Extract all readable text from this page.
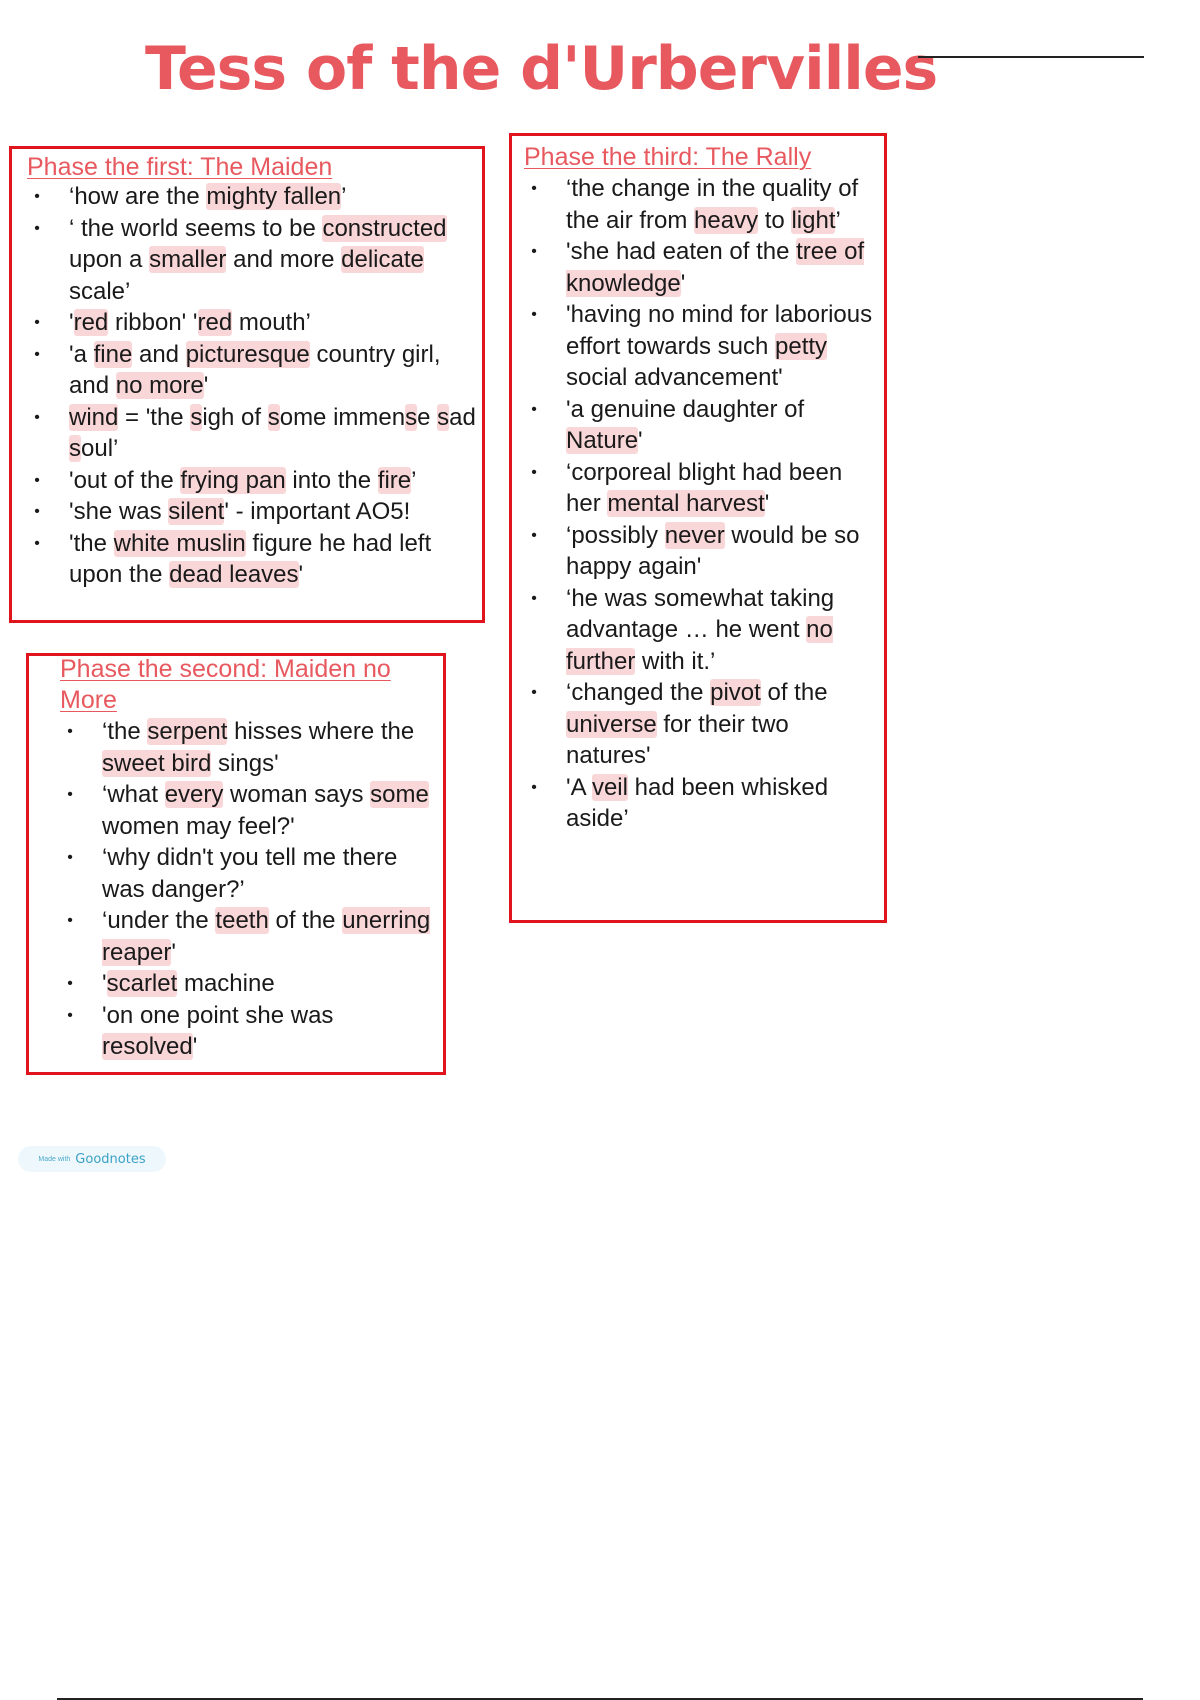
Tess of the d'Urbervilles
Phase the first: The Maiden
•	‘how are the mighty fallen’
•	‘ the world seems to be constructed upon a smaller and more delicate scale’
•	'red ribbon' 'red mouth’
•	'a fine and picturesque country girl, and no more'
•	wind = 'the sigh of some immense sad soul’
•	'out of the frying pan into the fire’
•	'she was silent' - important AO5!
•	'the white muslin figure he had left upon the dead leaves'
Phase the second: Maiden no More
•	‘the serpent hisses where the sweet bird sings'
•	‘what every woman says some women may feel?'
•	‘why didn't you tell me there was danger?’
•	‘under the teeth of the unerring reaper'
•	'scarlet machine
•	'on one point she was resolved'
Phase the third: The Rally
•	‘the change in the quality of the air from heavy to light’
•	'she had eaten of the tree of knowledge'
•	'having no mind for laborious effort towards such petty social advancement'
•	'a genuine daughter of Nature'
•	‘corporeal blight had been her mental harvest'
•	‘possibly never would be so happy again'
•	‘he was somewhat taking advantage … he went no further with it.’
•	‘changed the pivot of the universe for their two natures'
•	'A veil had been whisked aside’
Made with Goodnotes
